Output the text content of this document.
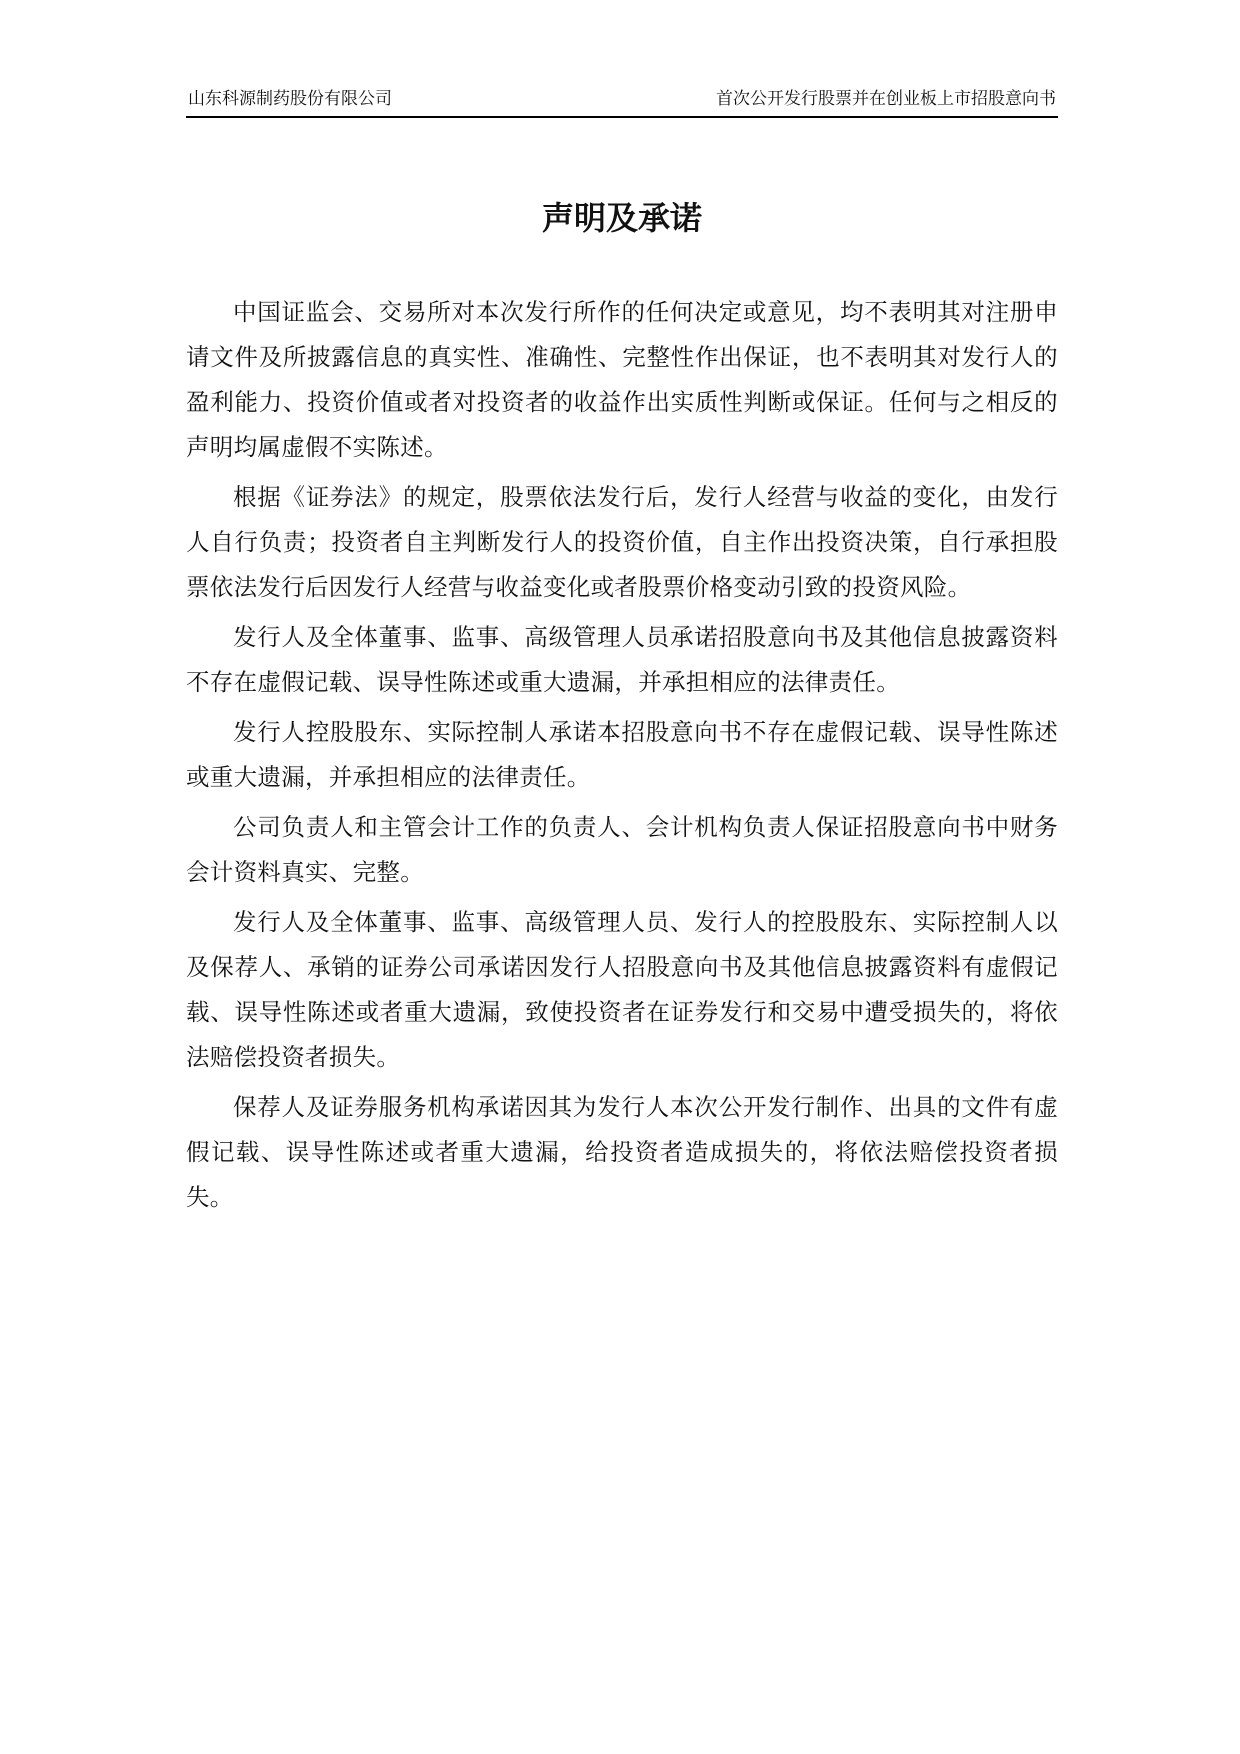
山东科源制药股份有限公司	首次公开发行股票并在创业板上市招股意向书
声明及承诺

中国证监会、交易所对本次发行所作的任何决定或意见，均不表明其对注册申请文件及所披露信息的真实性、准确性、完整性作出保证，也不表明其对发行人的盈利能力、投资价值或者对投资者的收益作出实质性判断或保证。任何与之相反的声明均属虚假不实陈述。

根据《证券法》的规定，股票依法发行后，发行人经营与收益的变化，由发行人自行负责；投资者自主判断发行人的投资价值，自主作出投资决策，自行承担股票依法发行后因发行人经营与收益变化或者股票价格变动引致的投资风险。

发行人及全体董事、监事、高级管理人员承诺招股意向书及其他信息披露资料不存在虚假记载、误导性陈述或重大遗漏，并承担相应的法律责任。

发行人控股股东、实际控制人承诺本招股意向书不存在虚假记载、误导性陈述或重大遗漏，并承担相应的法律责任。

公司负责人和主管会计工作的负责人、会计机构负责人保证招股意向书中财务会计资料真实、完整。

发行人及全体董事、监事、高级管理人员、发行人的控股股东、实际控制人以及保荐人、承销的证券公司承诺因发行人招股意向书及其他信息披露资料有虚假记载、误导性陈述或者重大遗漏，致使投资者在证券发行和交易中遭受损失的，将依法赔偿投资者损失。

保荐人及证券服务机构承诺因其为发行人本次公开发行制作、出具的文件有虚假记载、误导性陈述或者重大遗漏，给投资者造成损失的，将依法赔偿投资者损失。
